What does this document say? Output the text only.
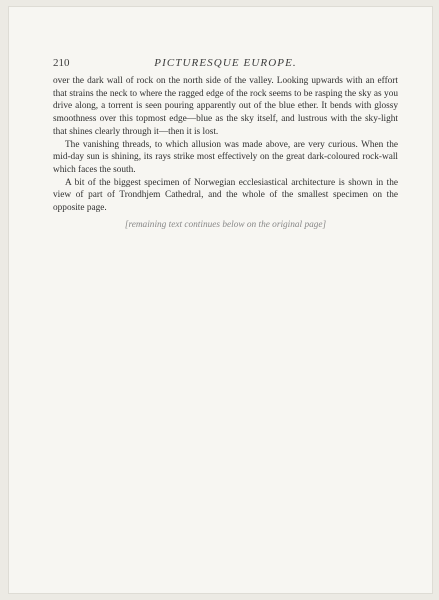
210	PICTURESQUE EUROPE.

over the dark wall of rock on the north side of the valley. Looking upwards with an effort that strains the neck to where the ragged edge of the rock seems to be rasping the sky as you drive along, a torrent is seen pouring apparently out of the blue ether. It bends with glossy smoothness over this topmost edge—blue as the sky itself, and lustrous with the sky-light that shines clearly through it—then it is lost.

The vanishing threads, to which allusion was made above, are very curious. When the mid-day sun is shining, its rays strike most effectively on the great dark-coloured rock-wall which faces the south.

A bit of the biggest specimen of Norwegian ecclesiastical architecture is shown in the view of part of Trondhjem Cathedral, and the whole of the smallest specimen on the opposite page.

[remaining text continues below on the original page]
